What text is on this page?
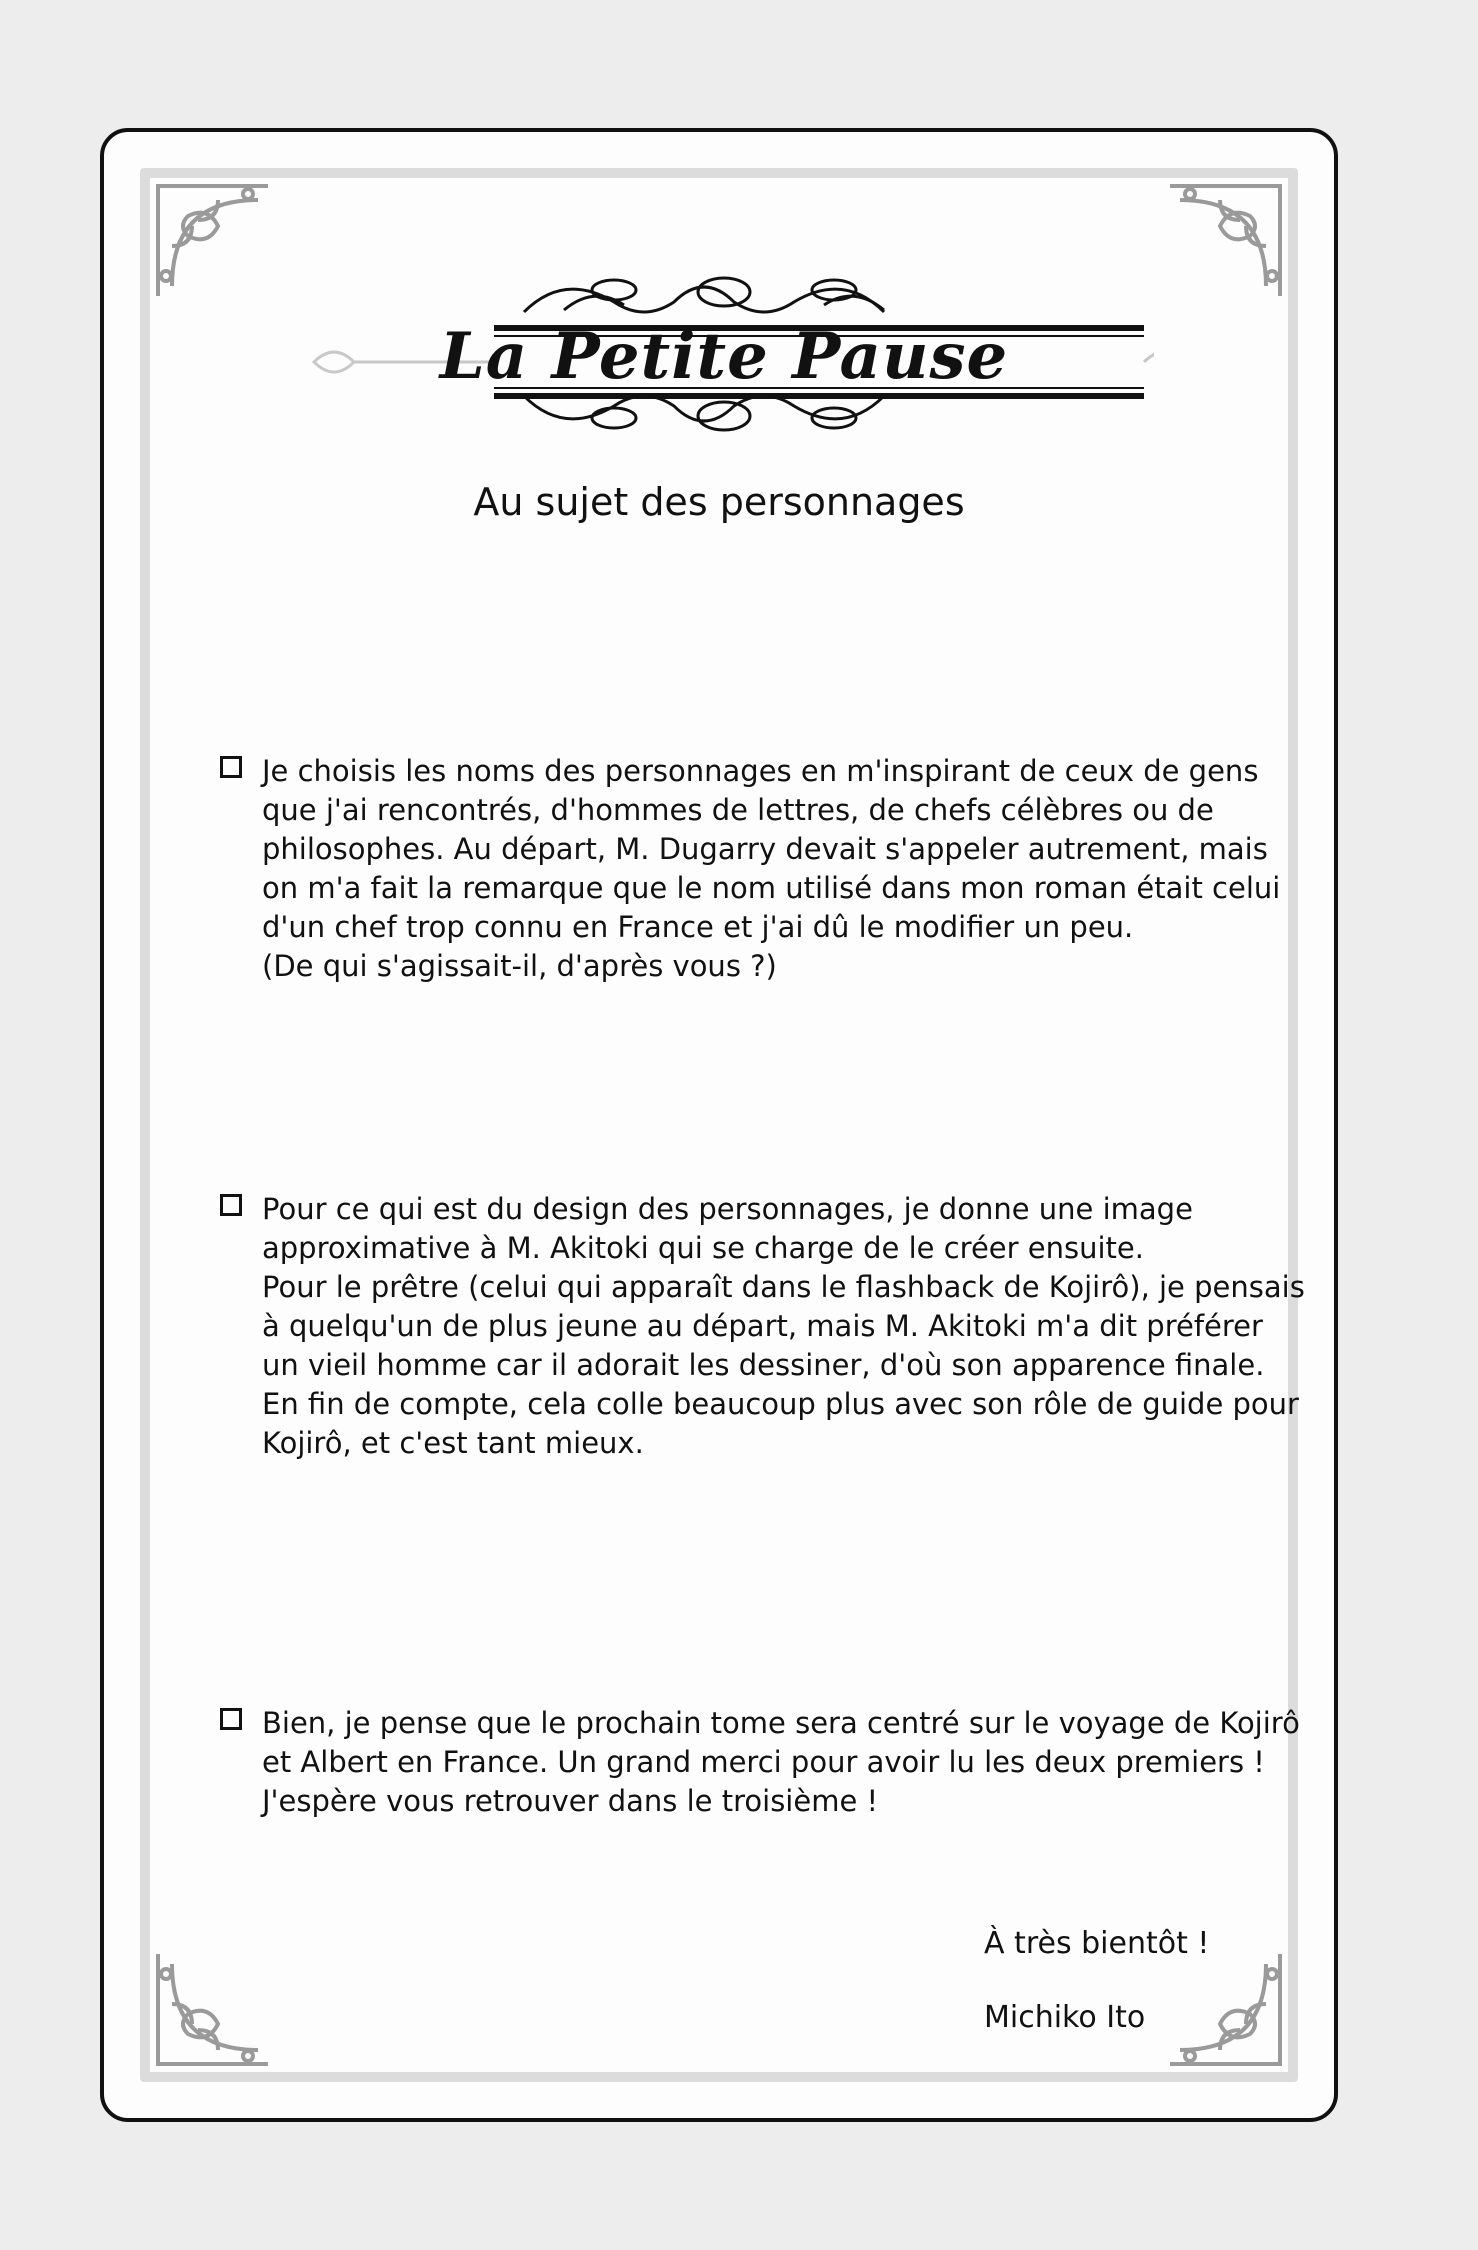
La Petite Pause
Au sujet des personnages
Je choisis les noms des personnages en m'inspirant de ceux de gens
que j'ai rencontrés, d'hommes de lettres, de chefs célèbres ou de
philosophes. Au départ, M. Dugarry devait s'appeler autrement, mais
on m'a fait la remarque que le nom utilisé dans mon roman était celui
d'un chef trop connu en France et j'ai dû le modifier un peu.
(De qui s'agissait-il, d'après vous ?)
Pour ce qui est du design des personnages, je donne une image
approximative à M. Akitoki qui se charge de le créer ensuite.
Pour le prêtre (celui qui apparaît dans le flashback de Kojirô), je pensais
à quelqu'un de plus jeune au départ, mais M. Akitoki m'a dit préférer
un vieil homme car il adorait les dessiner, d'où son apparence finale.
En fin de compte, cela colle beaucoup plus avec son rôle de guide pour
Kojirô, et c'est tant mieux.
Bien, je pense que le prochain tome sera centré sur le voyage de Kojirô
et Albert en France. Un grand merci pour avoir lu les deux premiers !
J'espère vous retrouver dans le troisième !
À très bientôt !
Michiko Ito
